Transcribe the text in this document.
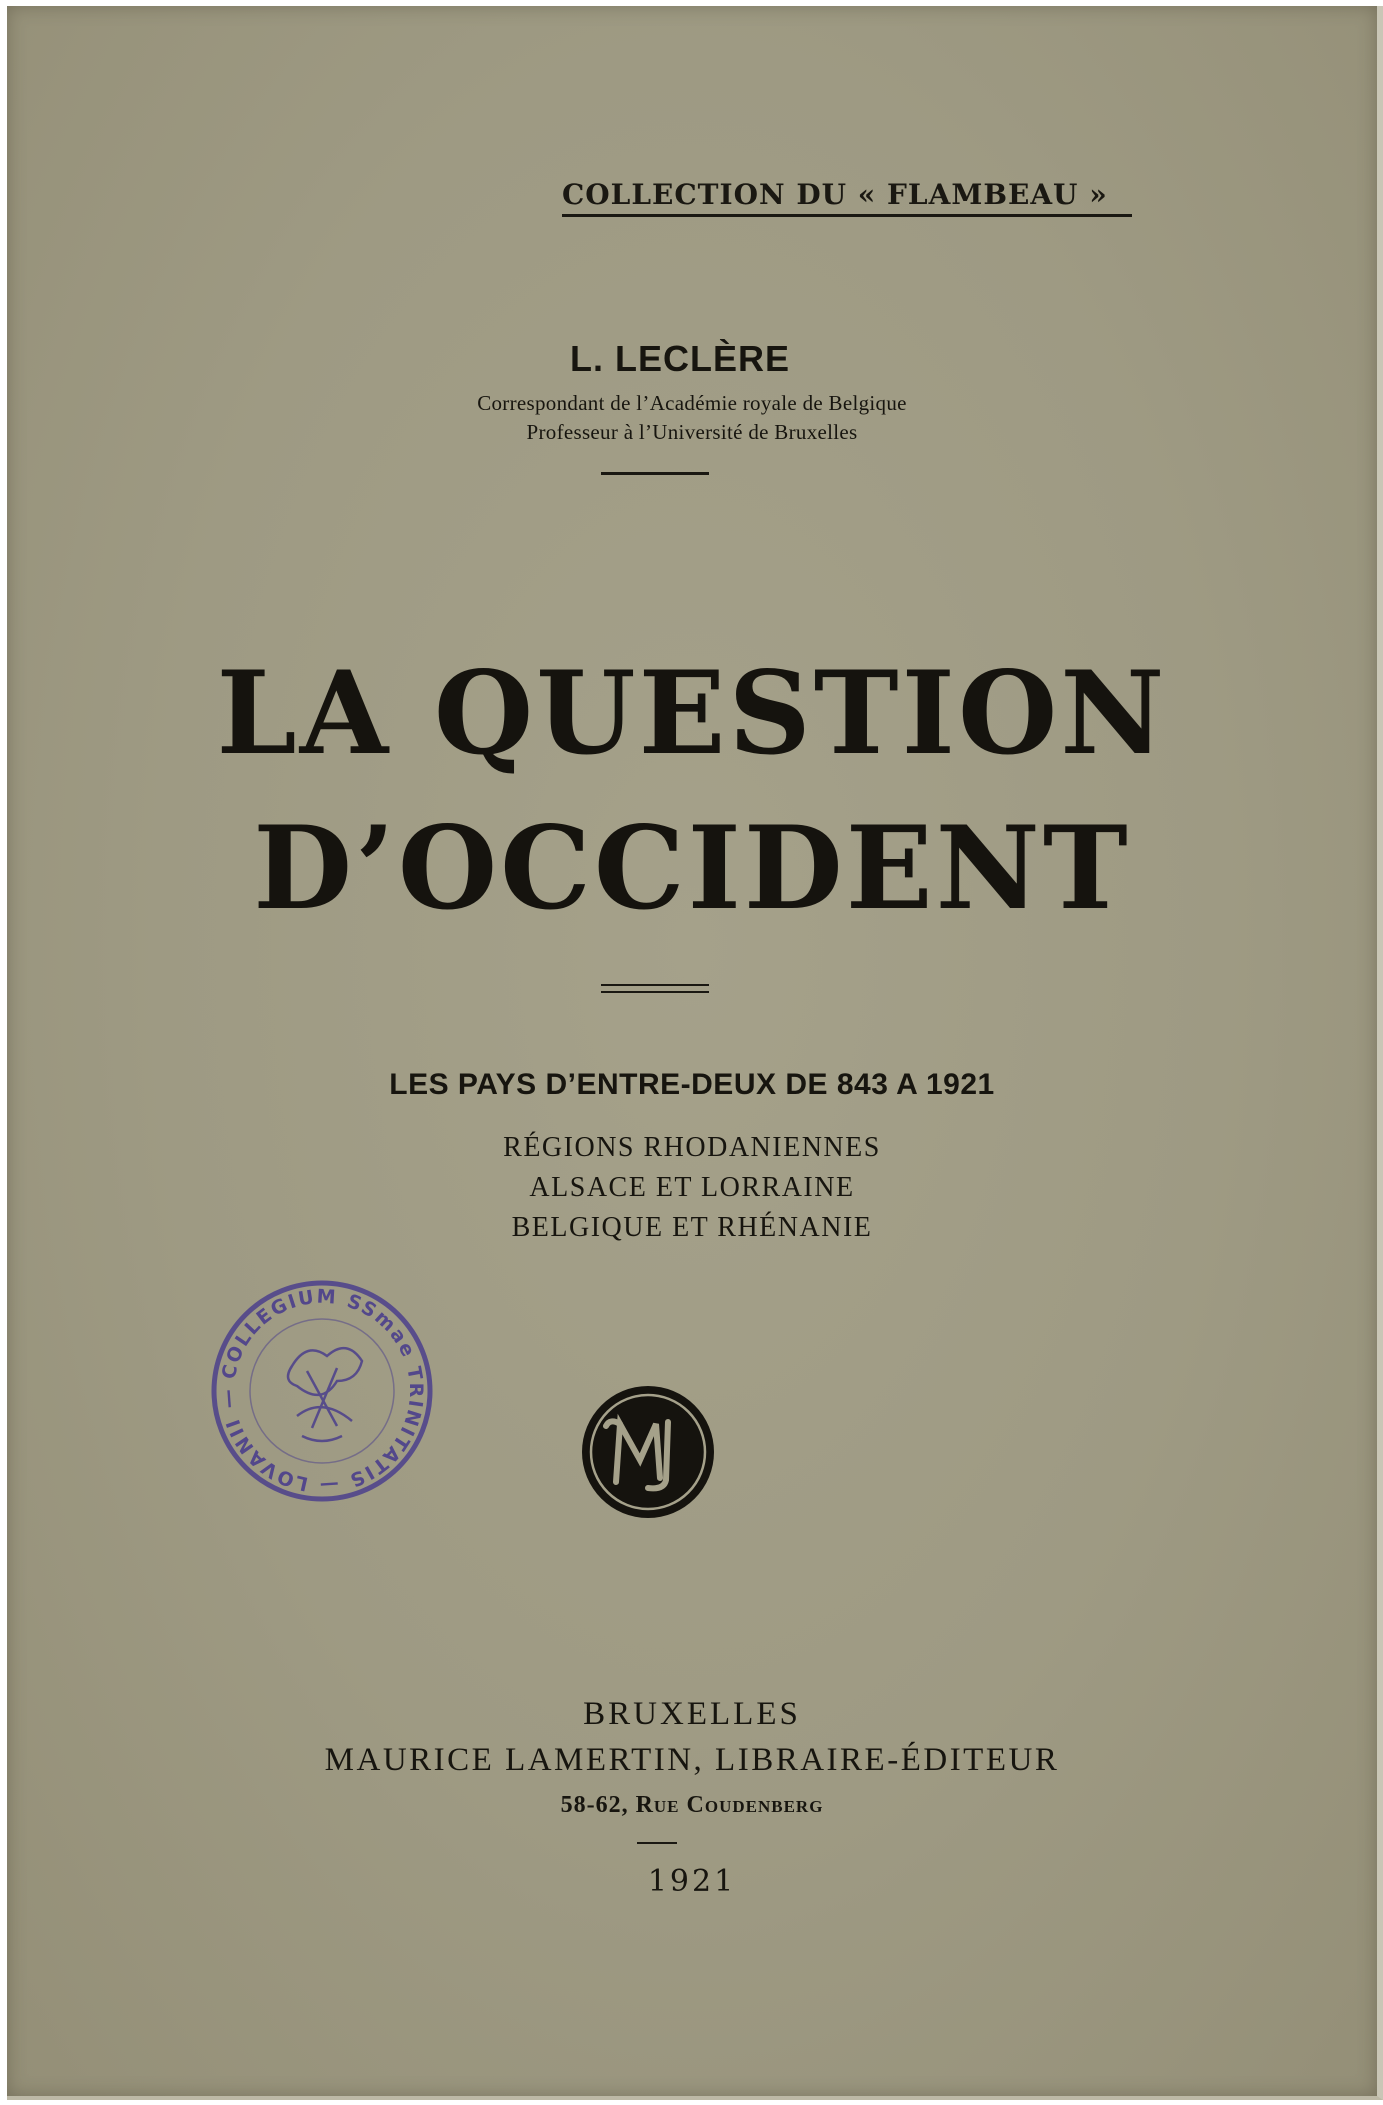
COLLECTION DU « FLAMBEAU »
L. LECLÈRE
Correspondant de l’Académie royale de Belgique
Professeur à l’Université de Bruxelles
LA QUESTION
D’OCCIDENT
LES PAYS D’ENTRE-DEUX DE 843 A 1921
RÉGIONS RHODANIENNES
ALSACE ET LORRAINE
BELGIQUE ET RHÉNANIE
COLLEGIUM SSmae TRINITATIS — LOVANII —
BRUXELLES
MAURICE LAMERTIN, LIBRAIRE-ÉDITEUR
58-62, Rue Coudenberg
1921
